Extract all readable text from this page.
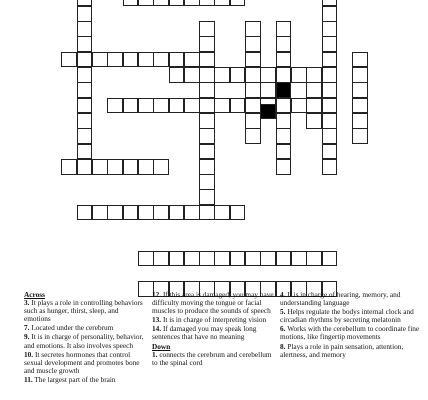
Across

3. It plays a role in controlling behaviors such as hunger, thirst, sleep, and emotions

7. Located under the cerebrum

9. It is in charge of personality, behavior, and emotions. It also involves speech

10. It secretes hormones that control sexual development and promotes bone and muscle growth

11. The largest part of the brain

12. If this area is damaged, you may have difficulty moving the tongue or facial muscles to produce the sounds of speech

13. It is in charge of interpreting vision

14. If damaged you may speak long sentences that have no meaning

Down

1. connects the cerebrum and cerebellum to the spinal cord

4. It is in charge of hearing, memory, and understanding language

5. Helps regulate the bodys internal clock and circadian rhythms by secreting melatonin

6. Works with the cerebellum to coordinate fine motions, like fingertip movements

8. Plays a role in pain sensation, attention, alertness, and memory
